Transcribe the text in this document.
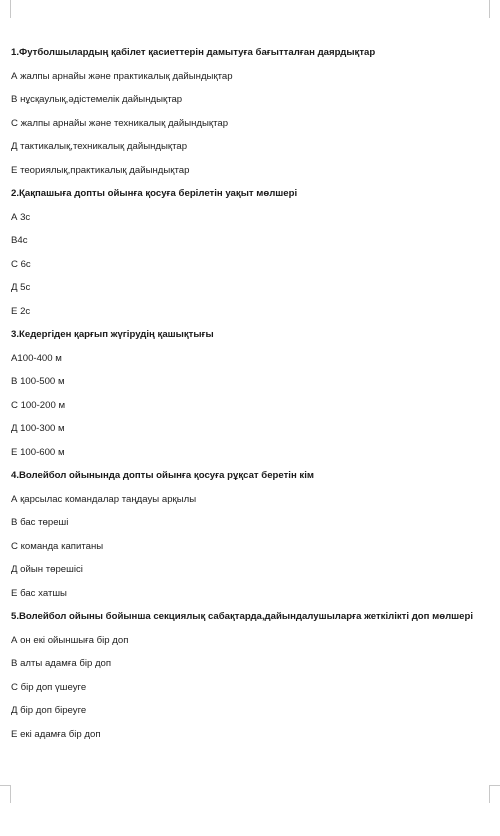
1.Футболшылардың қабілет қасиеттерін дамытуға бағытталған даярдықтар
А жалпы арнайы және практикалық дайындықтар
В нұсқаулық,әдістемелік дайындықтар
С жалпы арнайы және техникалық дайындықтар
Д тактикалық,техникалық дайындықтар
Е теориялық,практикалық дайындықтар
2.Қақпашыға допты ойынға қосуға берілетін уақыт мөлшері
А 3с
В4с
С 6с
Д 5с
Е 2с
3.Кедергіден қарғып жүгірудің қашықтығы
А100-400 м
В 100-500 м
С 100-200 м
Д 100-300 м
Е 100-600 м
4.Волейбол ойынында допты ойынға қосуға рұқсат беретін кім
А қарсылас командалар таңдауы арқылы
В бас төреші
С команда капитаны
Д ойын төрешісі
Е бас хатшы
5.Волейбол ойыны бойынша секциялық сабақтарда,дайындалушыларға жеткілікті доп мөлшері
А он екі ойыншыға бір доп
В алты адамға бір доп
С бір доп үшеуге
Д бір доп біреуге
Е екі адамға бір доп
